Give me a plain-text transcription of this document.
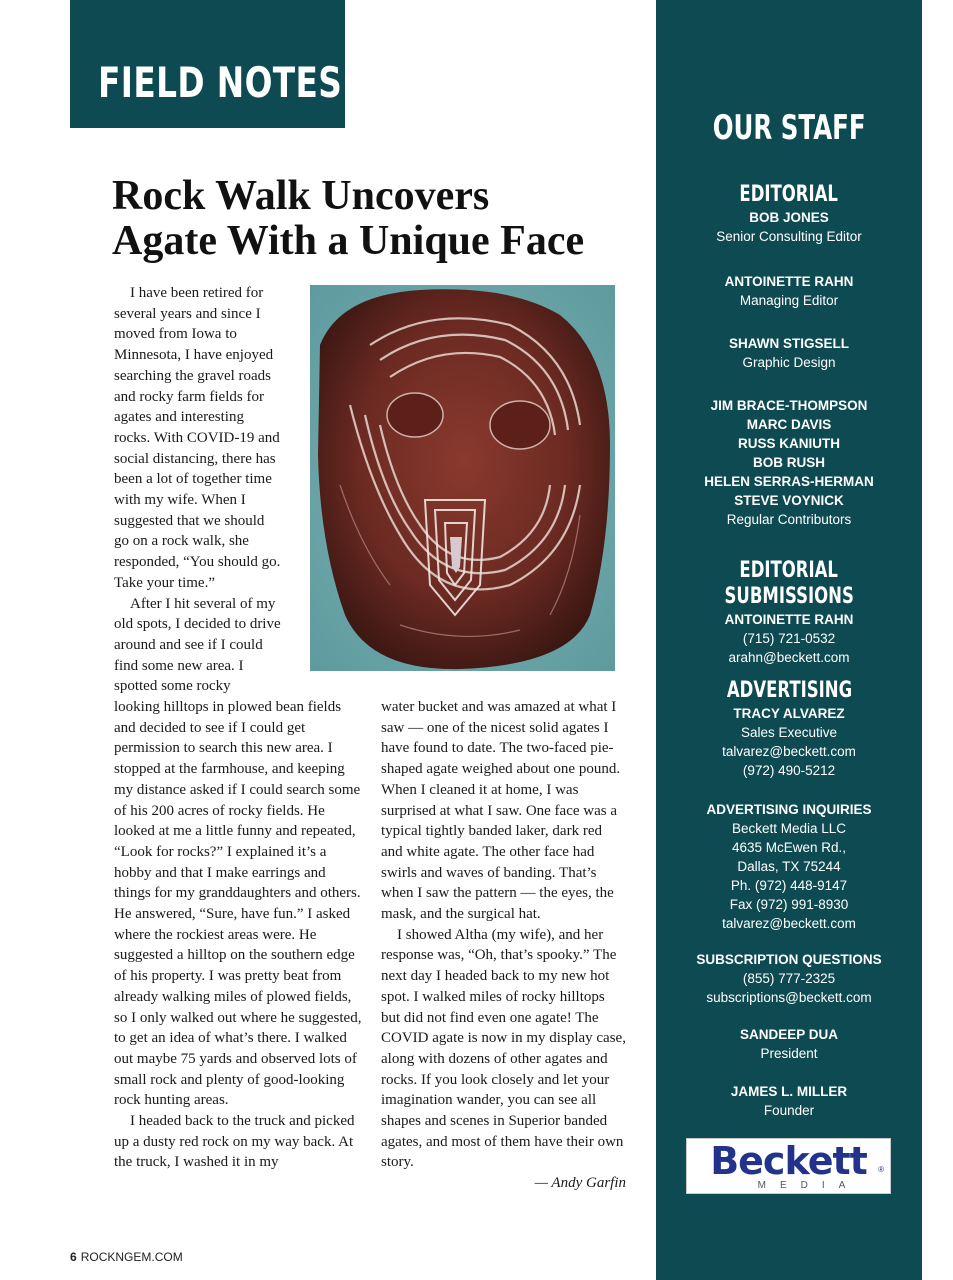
FIELD NOTES
Rock Walk Uncovers
Agate With a Unique Face

I have been retired for several years and since I moved from Iowa to Minnesota, I have enjoyed searching the gravel roads and rocky farm fields for agates and interesting rocks. With COVID-19 and social distancing, there has been a lot of together time with my wife. When I suggested that we should go on a rock walk, she responded, “You should go. Take your time.”

After I hit several of my old spots, I decided to drive around and see if I could find some new area. I spotted some rocky

looking hilltops in plowed bean fields and decided to see if I could get permission to search this new area. I stopped at the farmhouse, and keeping my distance asked if I could search some of his 200 acres of rocky fields. He looked at me a little funny and repeated, “Look for rocks?” I explained it’s a hobby and that I make earrings and things for my granddaughters and others. He answered, “Sure, have fun.” I asked where the rockiest areas were. He suggested a hilltop on the southern edge of his property. I was pretty beat from already walking miles of plowed fields, so I only walked out where he suggested, to get an idea of what’s there. I walked out maybe 75 yards and observed lots of small rock and plenty of good-looking rock hunting areas.

I headed back to the truck and picked up a dusty red rock on my way back. At the truck, I washed it in my

water bucket and was amazed at what I saw — one of the nicest solid agates I have found to date. The two-faced pie-shaped agate weighed about one pound. When I cleaned it at home, I was surprised at what I saw. One face was a typical tightly banded laker, dark red and white agate. The other face had swirls and waves of banding. That’s when I saw the pattern — the eyes, the mask, and the surgical hat.

I showed Altha (my wife), and her response was, “Oh, that’s spooky.” The next day I headed back to my new hot spot. I walked miles of rocky hilltops but did not find even one agate! The COVID agate is now in my display case, along with dozens of other agates and rocks. If you look closely and let your imagination wander, you can see all shapes and scenes in Superior banded agates, and most of them have their own story.

— Andy Garfin
6 ROCKNGEM.COM
OUR STAFF
EDITORIAL
BOB JONES
Senior Consulting Editor
ANTOINETTE RAHN
Managing Editor
SHAWN STIGSELL
Graphic Design
JIM BRACE-THOMPSON
MARC DAVIS
RUSS KANIUTH
BOB RUSH
HELEN SERRAS-HERMAN
STEVE VOYNICK
Regular Contributors
EDITORIAL
SUBMISSIONS
ANTOINETTE RAHN
(715) 721-0532
arahn@beckett.com
ADVERTISING
TRACY ALVAREZ
Sales Executive
talvarez@beckett.com
(972) 490-5212
ADVERTISING INQUIRIES
Beckett Media LLC
4635 McEwen Rd.,
Dallas, TX 75244
Ph. (972) 448-9147
Fax (972) 991-8930
talvarez@beckett.com
SUBSCRIPTION QUESTIONS
(855) 777-2325
subscriptions@beckett.com
SANDEEP DUA
President
JAMES L. MILLER
Founder
Beckett	®
MEDIA
